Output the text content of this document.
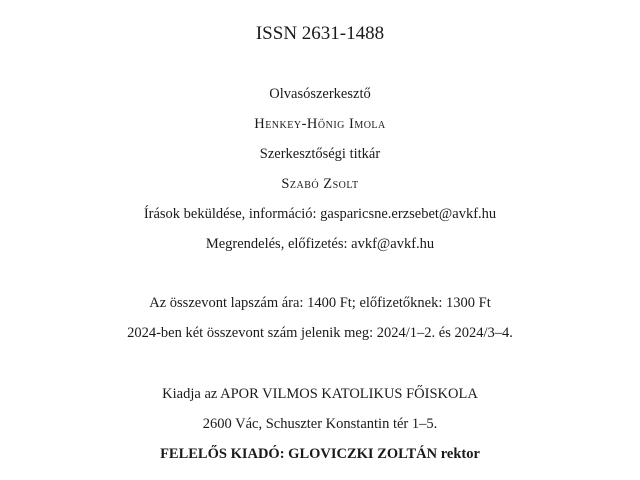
ISSN 2631-1488
Olvasószerkesztő
Henkey-Hőnig Imola
Szerkesztőségi titkár
Szabó Zsolt
Írások beküldése, információ: gasparicsne.erzsebet@avkf.hu
Megrendelés, előfizetés: avkf@avkf.hu
Az összevont lapszám ára: 1400 Ft; előfizetőknek: 1300 Ft
2024-ben két összevont szám jelenik meg: 2024/1–2. és 2024/3–4.
Kiadja az APOR VILMOS KATOLIKUS FŐISKOLA
2600 Vác, Schuszter Konstantin tér 1–5.
FELELŐS KIADÓ: GLOVICZKI ZOLTÁN rektor
